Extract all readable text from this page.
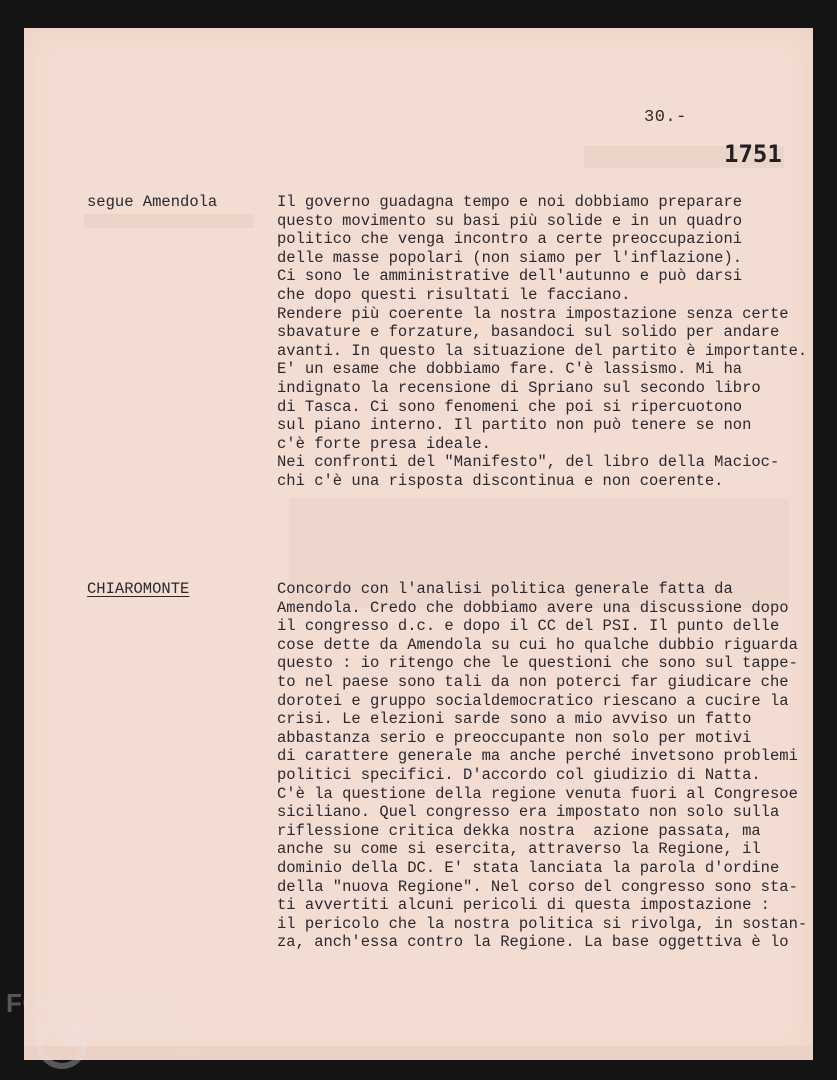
30.-
1751
segue Amendola	Il governo guadagna tempo e noi dobbiamo preparare
questo movimento su basi più solide e in un quadro
politico che venga incontro a certe preoccupazioni
delle masse popolari (non siamo per l'inflazione).
Ci sono le amministrative dell'autunno e può darsi
che dopo questi risultati le facciano.
Rendere più coerente la nostra impostazione senza certe
sbavature e forzature, basandoci sul solido per andare
avanti. In questo la situazione del partito è importante.
E' un esame che dobbiamo fare. C'è lassismo. Mi ha
indignato la recensione di Spriano sul secondo libro
di Tasca. Ci sono fenomeni che poi si ripercuotono
sul piano interno. Il partito non può tenere se non
c'è forte presa ideale.
Nei confronti del "Manifesto", del libro della Macioc-
chi c'è una risposta discontinua e non coerente.
CHIAROMONTE	Concordo con l'analisi politica generale fatta da
Amendola. Credo che dobbiamo avere una discussione dopo
il congresso d.c. e dopo il CC del PSI. Il punto delle
cose dette da Amendola su cui ho qualche dubbio riguarda
questo : io ritengo che le questioni che sono sul tappe-
to nel paese sono tali da non poterci far giudicare che
dorotei e gruppo socialdemocratico riescano a cucire la
crisi. Le elezioni sarde sono a mio avviso un fatto
abbastanza serio e preoccupante non solo per motivi
di carattere generale ma anche perché invetsono problemi
politici specifici. D'accordo col giudizio di Natta.
C'è la questione della regione venuta fuori al Congresoe
siciliano. Quel congresso era impostato non solo sulla
riflessione critica dekka nostra  azione passata, ma
anche su come si esercita, attraverso la Regione, il
dominio della DC. E' stata lanciata la parola d'ordine
della "nuova Regione". Nel corso del congresso sono sta-
ti avvertiti alcuni pericoli di questa impostazione :
il pericolo che la nostra politica si rivolga, in sostan-
za, anch'essa contro la Regione. La base oggettiva è lo
FONDAZIONE
GRAMSCI
Onlus
